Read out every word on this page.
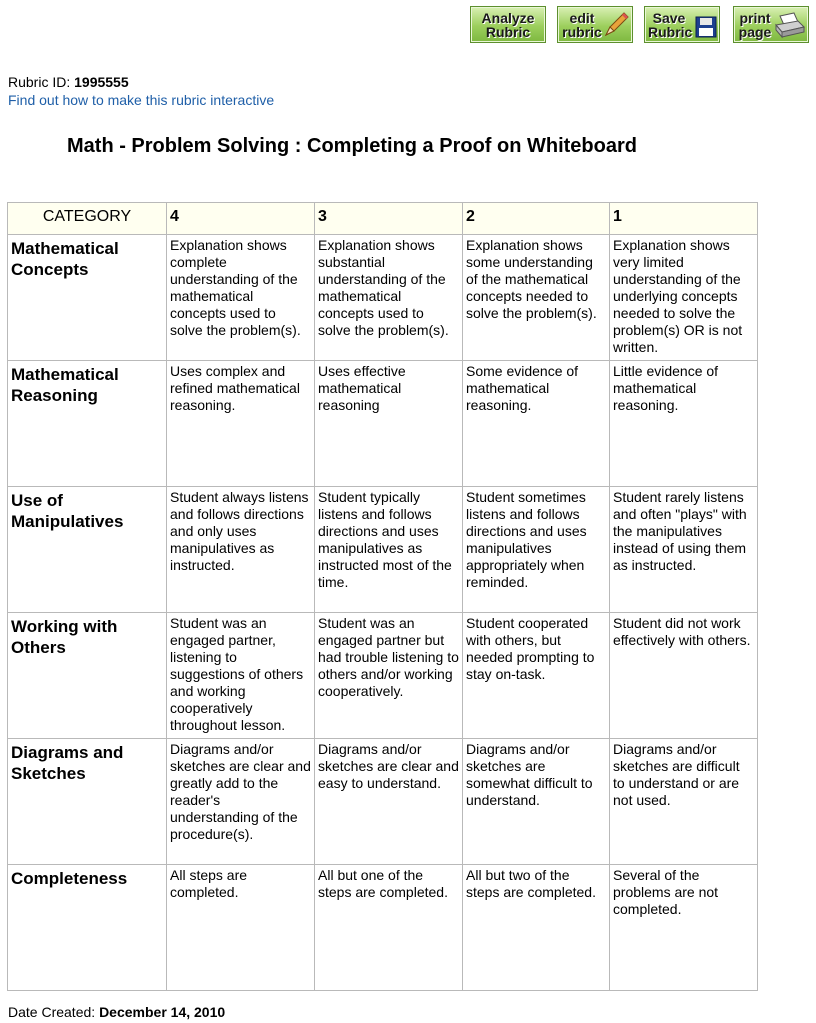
Analyze Rubric
edit rubric
Save Rubric
print page
Rubric ID: 1995555
Find out how to make this rubric interactive
Math - Problem Solving : Completing a Proof on Whiteboard
CATEGORY	4	3	2	1
Mathematical Concepts	Explanation shows complete understanding of the mathematical concepts used to solve the problem(s).	Explanation shows substantial understanding of the mathematical concepts used to solve the problem(s).	Explanation shows some understanding of the mathematical concepts needed to solve the problem(s).	Explanation shows very limited understanding of the underlying concepts needed to solve the problem(s) OR is not written.
Mathematical Reasoning	Uses complex and refined mathematical reasoning.	Uses effective mathematical reasoning	Some evidence of mathematical reasoning.	Little evidence of mathematical reasoning.
Use of Manipulatives	Student always listens and follows directions and only uses manipulatives as instructed.	Student typically listens and follows directions and uses manipulatives as instructed most of the time.	Student sometimes listens and follows directions and uses manipulatives appropriately when reminded.	Student rarely listens and often "plays" with the manipulatives instead of using them as instructed.
Working with Others	Student was an engaged partner, listening to suggestions of others and working cooperatively throughout lesson.	Student was an engaged partner but had trouble listening to others and/or working cooperatively.	Student cooperated with others, but needed prompting to stay on-task.	Student did not work effectively with others.
Diagrams and Sketches	Diagrams and/or sketches are clear and greatly add to the reader's understanding of the procedure(s).	Diagrams and/or sketches are clear and easy to understand.	Diagrams and/or sketches are somewhat difficult to understand.	Diagrams and/or sketches are difficult to understand or are not used.
Completeness	All steps are completed.	All but one of the steps are completed.	All but two of the steps are completed.	Several of the problems are not completed.
Date Created: December 14, 2010
